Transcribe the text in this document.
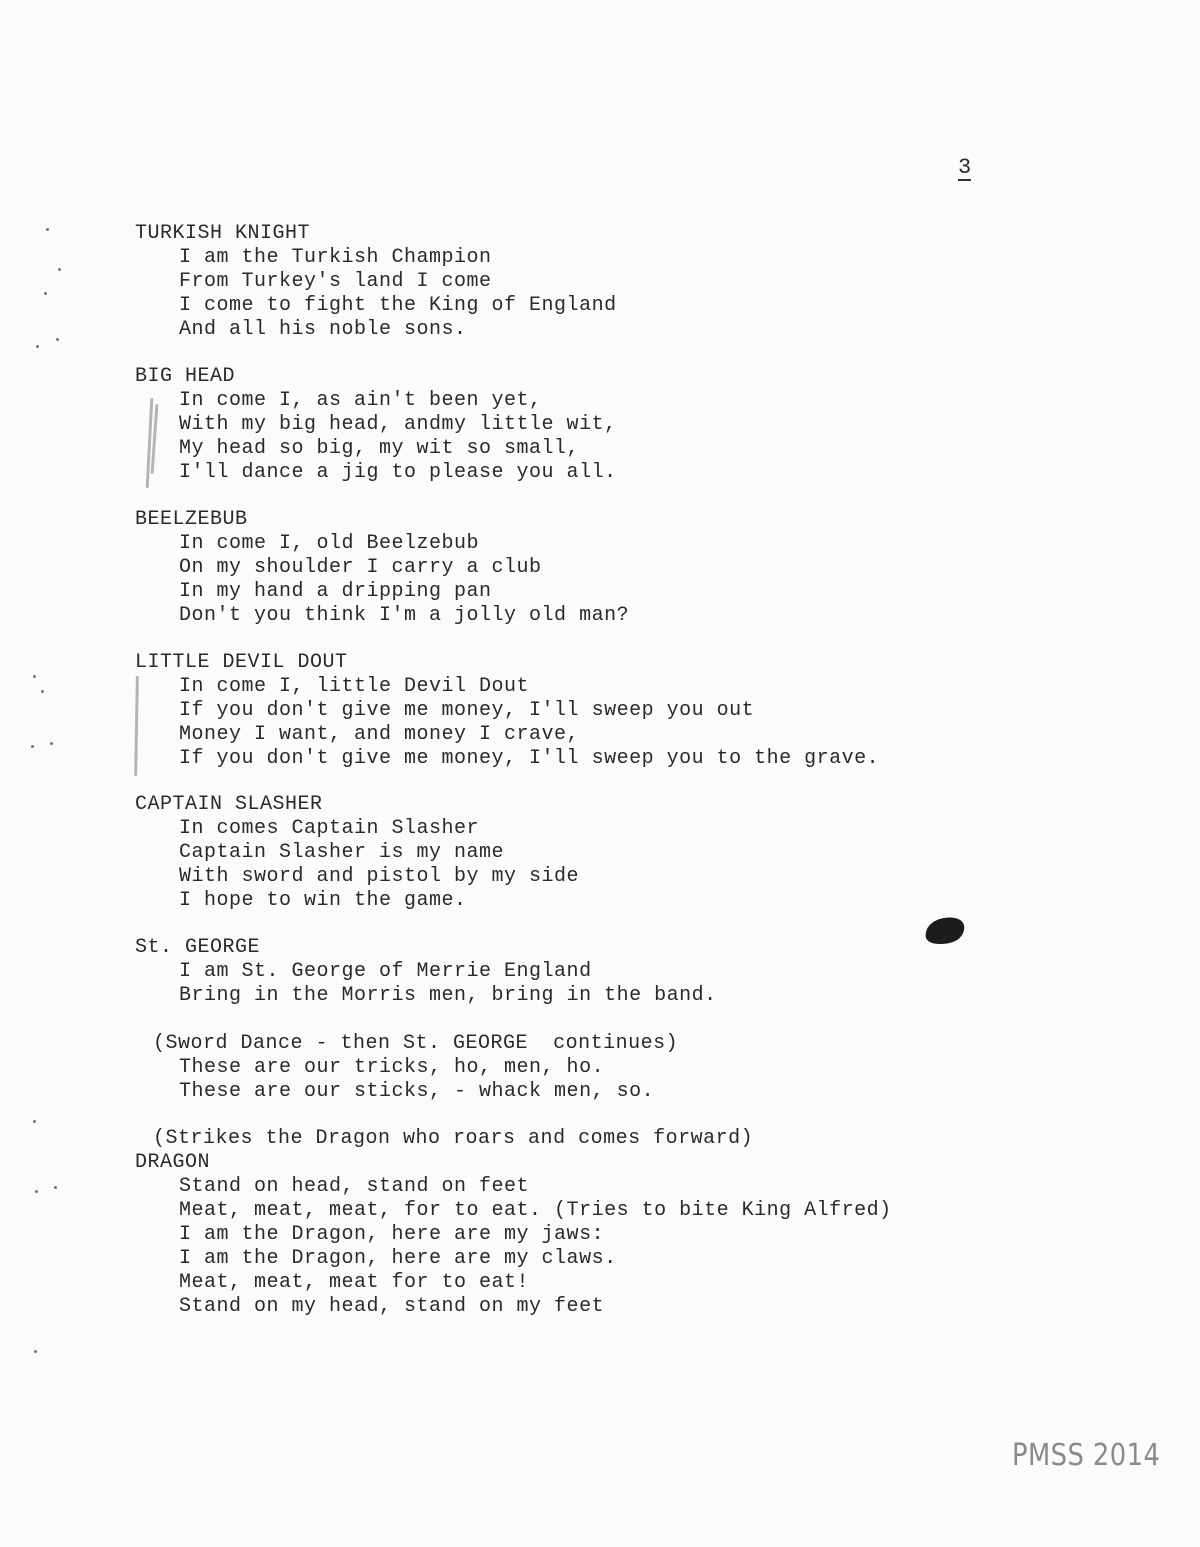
3

TURKISH KNIGHT

I am the Turkish Champion

From Turkey's land I come

I come to fight the King of England

And all his noble sons.

BIG HEAD

In come I, as ain't been yet,

With my big head, andmy little wit,

My head so big, my wit so small,

I'll dance a jig to please you all.

BEELZEBUB

In come I, old Beelzebub

On my shoulder I carry a club

In my hand a dripping pan

Don't you think I'm a jolly old man?

LITTLE DEVIL DOUT

In come I, little Devil Dout

If you don't give me money, I'll sweep you out

Money I want, and money I crave,

If you don't give me money, I'll sweep you to the grave.

CAPTAIN SLASHER

In comes Captain Slasher

Captain Slasher is my name

With sword and pistol by my side

I hope to win the game.

St. GEORGE

I am St. George of Merrie England

Bring in the Morris men, bring in the band.

(Sword Dance - then St. GEORGE  continues)

These are our tricks, ho, men, ho.

These are our sticks, - whack men, so.

(Strikes the Dragon who roars and comes forward)

DRAGON

Stand on head, stand on feet

Meat, meat, meat, for to eat. (Tries to bite King Alfred)

I am the Dragon, here are my jaws:

I am the Dragon, here are my claws.

Meat, meat, meat for to eat!

Stand on my head, stand on my feet

PMSS 2014
